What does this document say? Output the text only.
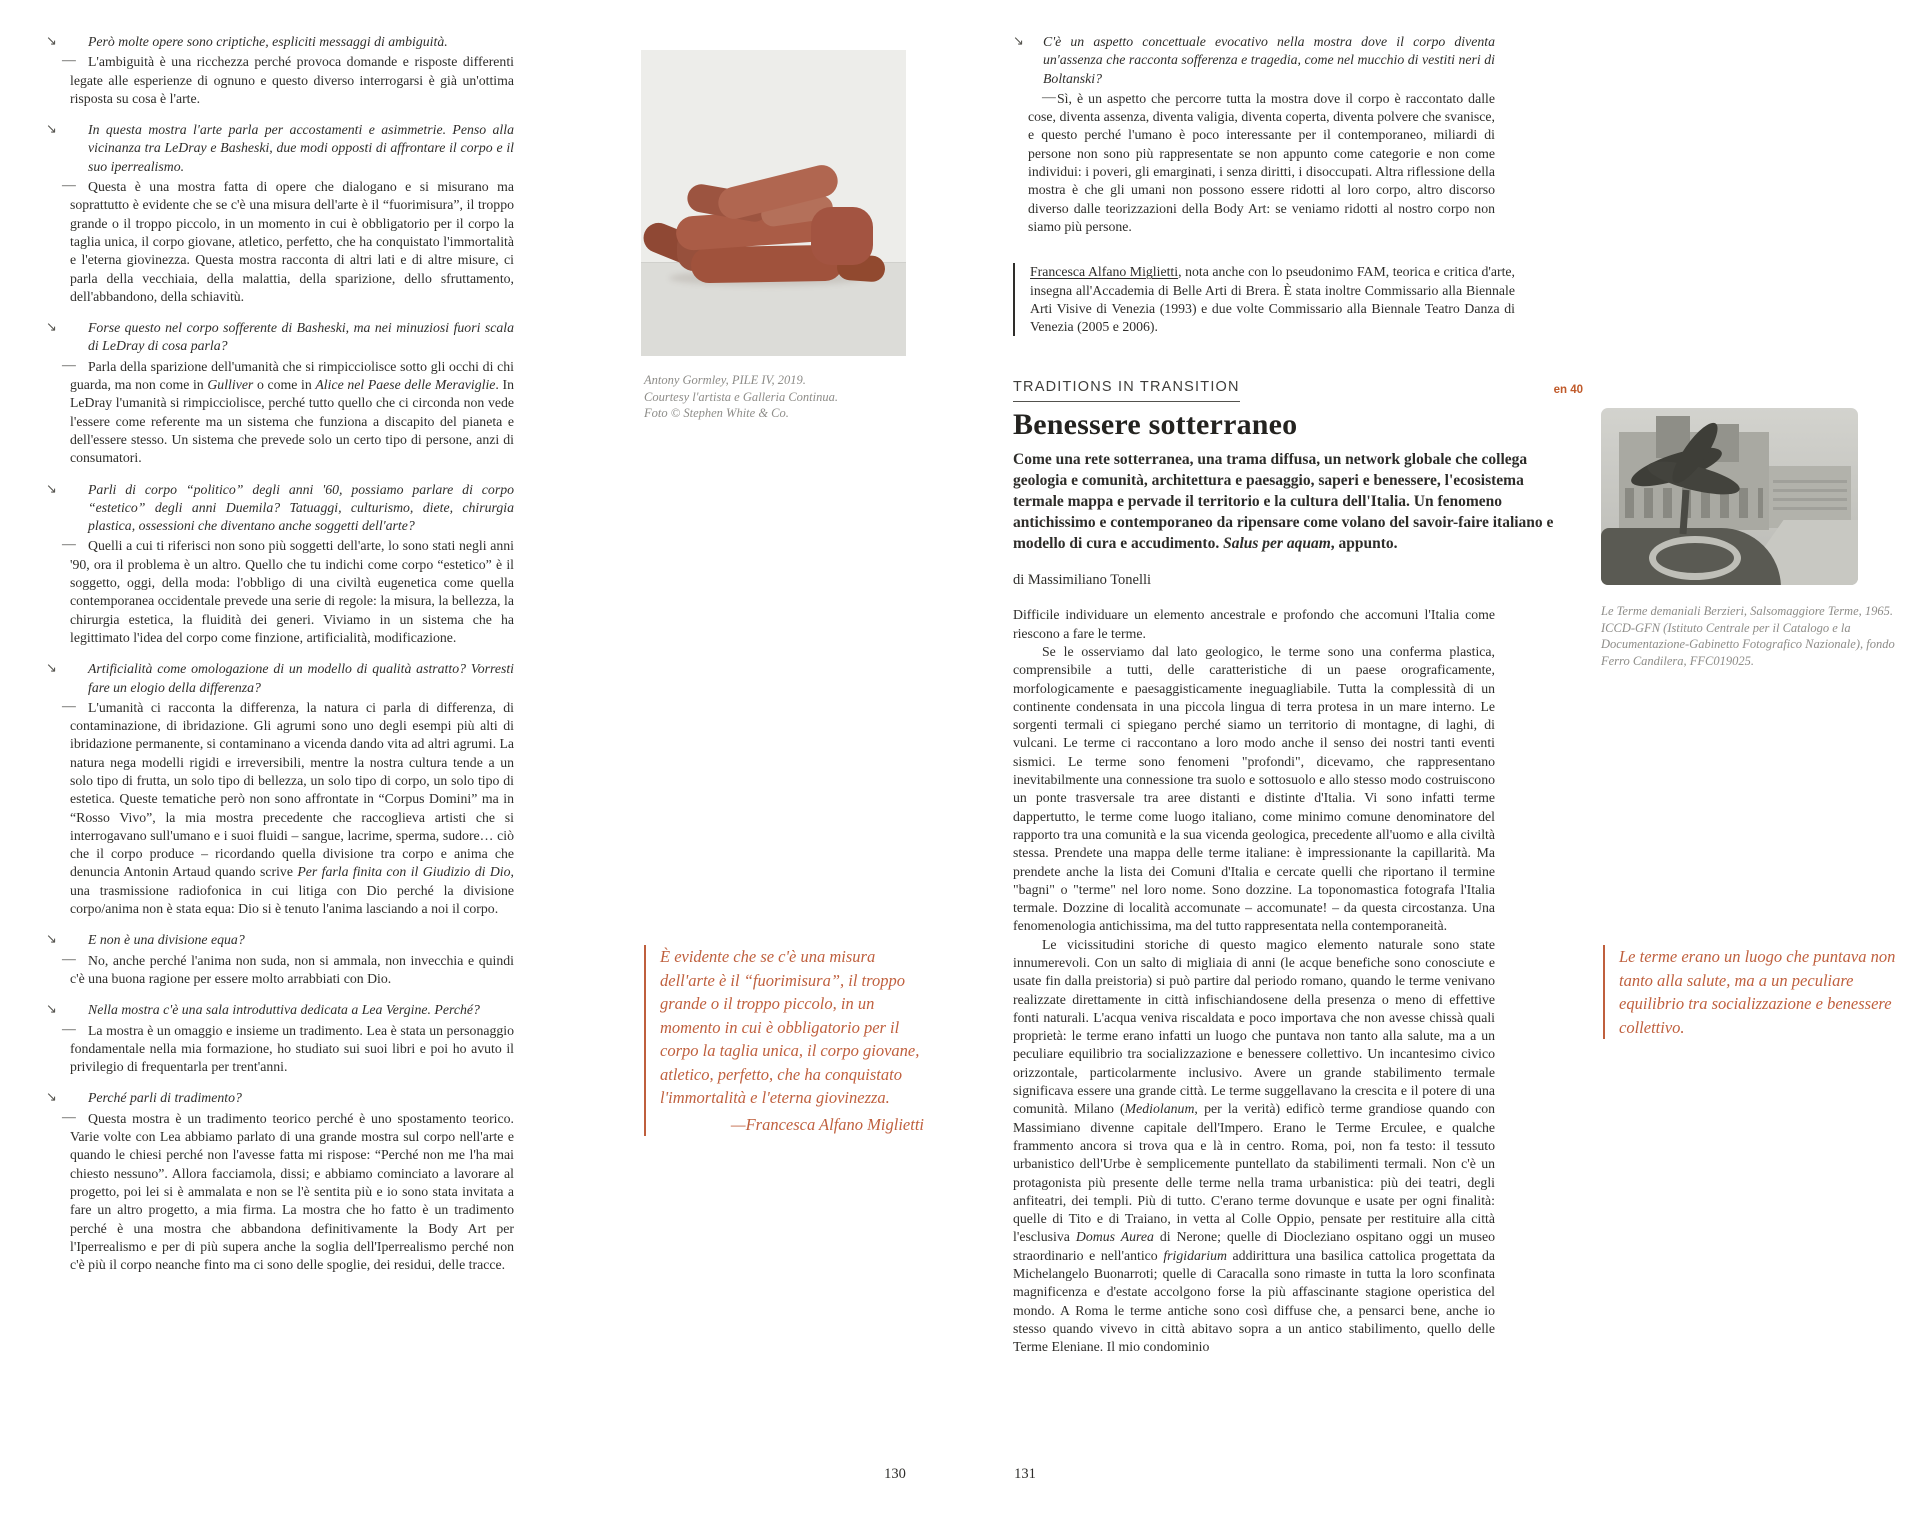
↘ Però molte opere sono criptiche, espliciti messaggi di ambiguità.
— L'ambiguità è una ricchezza perché provoca domande e risposte differenti legate alle esperienze di ognuno e questo diverso interrogarsi è già un'ottima risposta su cosa è l'arte.
↘ In questa mostra l'arte parla per accostamenti e asimmetrie. Penso alla vicinanza tra LeDray e Basheski, due modi opposti di affrontare il corpo e il suo iperrealismo.
— Questa è una mostra fatta di opere che dialogano e si misurano ma soprattutto è evidente che se c'è una misura dell'arte è il “fuorimisura”, il troppo grande o il troppo piccolo, in un momento in cui è obbligatorio per il corpo la taglia unica, il corpo giovane, atletico, perfetto, che ha conquistato l'immortalità e l'eterna giovinezza. Questa mostra racconta di altri lati e di altre misure, ci parla della vecchiaia, della malattia, della sparizione, dello sfruttamento, dell'abbandono, della schiavitù.
↘ Forse questo nel corpo sofferente di Basheski, ma nei minuziosi fuori scala di LeDray di cosa parla?
— Parla della sparizione dell'umanità che si rimpicciolisce sotto gli occhi di chi guarda, ma non come in Gulliver o come in Alice nel Paese delle Meraviglie. In LeDray l'umanità si rimpicciolisce, perché tutto quello che ci circonda non vede l'essere come referente ma un sistema che funziona a discapito del pianeta e dell'essere stesso. Un sistema che prevede solo un certo tipo di persone, anzi di consumatori.
↘ Parli di corpo “politico” degli anni '60, possiamo parlare di corpo “estetico” degli anni Duemila? Tatuaggi, culturismo, diete, chirurgia plastica, ossessioni che diventano anche soggetti dell'arte?
— Quelli a cui ti riferisci non sono più soggetti dell'arte, lo sono stati negli anni '90, ora il problema è un altro. Quello che tu indichi come corpo “estetico” è il soggetto, oggi, della moda: l'obbligo di una civiltà eugenetica come quella contemporanea occidentale prevede una serie di regole: la misura, la bellezza, la chirurgia estetica, la fluidità dei generi. Viviamo in un sistema che ha legittimato l'idea del corpo come finzione, artificialità, modificazione.
↘ Artificialità come omologazione di un modello di qualità astratto? Vorresti fare un elogio della differenza?
— L'umanità ci racconta la differenza, la natura ci parla di differenza, di contaminazione, di ibridazione. Gli agrumi sono uno degli esempi più alti di ibridazione permanente, si contaminano a vicenda dando vita ad altri agrumi. La natura nega modelli rigidi e irreversibili, mentre la nostra cultura tende a un solo tipo di frutta, un solo tipo di bellezza, un solo tipo di corpo, un solo tipo di estetica. Queste tematiche però non sono affrontate in “Corpus Domini” ma in “Rosso Vivo”, la mia mostra precedente che raccoglieva artisti che si interrogavano sull'umano e i suoi fluidi – sangue, lacrime, sperma, sudore… ciò che il corpo produce – ricordando quella divisione tra corpo e anima che denuncia Antonin Artaud quando scrive Per farla finita con il Giudizio di Dio, una trasmissione radiofonica in cui litiga con Dio perché la divisione corpo/anima non è stata equa: Dio si è tenuto l'anima lasciando a noi il corpo.
↘ E non è una divisione equa?
— No, anche perché l'anima non suda, non si ammala, non invecchia e quindi c'è una buona ragione per essere molto arrabbiati con Dio.
↘ Nella mostra c'è una sala introduttiva dedicata a Lea Vergine. Perché?
— La mostra è un omaggio e insieme un tradimento. Lea è stata un personaggio fondamentale nella mia formazione, ho studiato sui suoi libri e poi ho avuto il privilegio di frequentarla per trent'anni.
↘ Perché parli di tradimento?
— Questa mostra è un tradimento teorico perché è uno spostamento teorico. Varie volte con Lea abbiamo parlato di una grande mostra sul corpo nell'arte e quando le chiesi perché non l'avesse fatta mi rispose: “Perché non me l'ha mai chiesto nessuno”. Allora facciamola, dissi; e abbiamo cominciato a lavorare al progetto, poi lei si è ammalata e non se l'è sentita più e io sono stata invitata a fare un altro progetto, a mia firma. La mostra che ho fatto è un tradimento perché è una mostra che abbandona definitivamente la Body Art per l'Iperrealismo e per di più supera anche la soglia dell'Iperrealismo perché non c'è più il corpo neanche finto ma ci sono delle spoglie, dei residui, delle tracce.
Antony Gormley, PILE IV, 2019.
Courtesy l'artista e Galleria Continua.
Foto © Stephen White & Co.

È evidente che se c'è una misura dell'arte è il “fuorimisura”, il troppo grande o il troppo piccolo, in un momento in cui è obbligatorio per il corpo la taglia unica, il corpo giovane, atletico, perfetto, che ha conquistato l'immortalità e l'eterna giovinezza.

—Francesca Alfano Miglietti

130
↘ C'è un aspetto concettuale evocativo nella mostra dove il corpo diventa un'assenza che racconta sofferenza e tragedia, come nel mucchio di vestiti neri di Boltanski?
— Sì, è un aspetto che percorre tutta la mostra dove il corpo è raccontato dalle cose, diventa assenza, diventa valigia, diventa coperta, diventa polvere che svanisce, e questo perché l'umano è poco interessante per il contemporaneo, miliardi di persone non sono più rappresentate se non appunto come categorie e non come individui: i poveri, gli emarginati, i senza diritti, i disoccupati. Altra riflessione della mostra è che gli umani non possono essere ridotti al loro corpo, altro discorso diverso dalle teorizzazioni della Body Art: se veniamo ridotti al nostro corpo non siamo più persone.
Francesca Alfano Miglietti, nota anche con lo pseudonimo FAM, teorica e critica d'arte, insegna all'Accademia di Belle Arti di Brera. È stata inoltre Commissario alla Biennale Arti Visive di Venezia (1993) e due volte Commissario alla Biennale Teatro Danza di Venezia (2005 e 2006).
TRADITIONS IN TRANSITION	en 40
Benessere sotterraneo

Come una rete sotterranea, una trama diffusa, un network globale che collega geologia e comunità, architettura e paesaggio, saperi e benessere, l'ecosistema termale mappa e pervade il territorio e la cultura dell'Italia. Un fenomeno antichissimo e contemporaneo da ripensare come volano del savoir-faire italiano e modello di cura e accudimento. Salus per aquam, appunto.

di Massimiliano Tonelli

Difficile individuare un elemento ancestrale e profondo che accomuni l'Italia come riescono a fare le terme.

Se le osserviamo dal lato geologico, le terme sono una conferma plastica, comprensibile a tutti, delle caratteristiche di un paese orograficamente, morfologicamente e paesaggisticamente ineguagliabile. Tutta la complessità di un continente condensata in una piccola lingua di terra protesa in un mare interno. Le sorgenti termali ci spiegano perché siamo un territorio di montagne, di laghi, di vulcani. Le terme ci raccontano a loro modo anche il senso dei nostri tanti eventi sismici. Le terme sono fenomeni "profondi", dicevamo, che rappresentano inevitabilmente una connessione tra suolo e sottosuolo e allo stesso modo costruiscono un ponte trasversale tra aree distanti e distinte d'Italia. Vi sono infatti terme dappertutto, le terme come luogo italiano, come minimo comune denominatore del rapporto tra una comunità e la sua vicenda geologica, precedente all'uomo e alla civiltà stessa. Prendete una mappa delle terme italiane: è impressionante la capillarità. Ma prendete anche la lista dei Comuni d'Italia e cercate quelli che riportano il termine "bagni" o "terme" nel loro nome. Sono dozzine. La toponomastica fotografa l'Italia termale. Dozzine di località accomunate – accomunate! – da questa circostanza. Una fenomenologia antichissima, ma del tutto rappresentata nella contemporaneità.

Le vicissitudini storiche di questo magico elemento naturale sono state innumerevoli. Con un salto di migliaia di anni (le acque benefiche sono conosciute e usate fin dalla preistoria) si può partire dal periodo romano, quando le terme venivano realizzate direttamente in città infischiandosene della presenza o meno di effettive fonti naturali. L'acqua veniva riscaldata e poco importava che non avesse chissà quali proprietà: le terme erano infatti un luogo che puntava non tanto alla salute, ma a un peculiare equilibrio tra socializzazione e benessere collettivo. Un incantesimo civico orizzontale, particolarmente inclusivo. Avere un grande stabilimento termale significava essere una grande città. Le terme suggellavano la crescita e il potere di una comunità. Milano (Mediolanum, per la verità) edificò terme grandiose quando con Massimiano divenne capitale dell'Impero. Erano le Terme Erculee, e qualche frammento ancora si trova qua e là in centro. Roma, poi, non fa testo: il tessuto urbanistico dell'Urbe è semplicemente puntellato da stabilimenti termali. Non c'è un protagonista più presente delle terme nella trama urbanistica: più dei teatri, degli anfiteatri, dei templi. Più di tutto. C'erano terme dovunque e usate per ogni finalità: quelle di Tito e di Traiano, in vetta al Colle Oppio, pensate per restituire alla città l'esclusiva Domus Aurea di Nerone; quelle di Diocleziano ospitano oggi un museo straordinario e nell'antico frigidarium addirittura una basilica cattolica progettata da Michelangelo Buonarroti; quelle di Caracalla sono rimaste in tutta la loro sconfinata magnificenza e d'estate accolgono forse la più affascinante stagione operistica del mondo. A Roma le terme antiche sono così diffuse che, a pensarci bene, anche io stesso quando vivevo in città abitavo sopra a un antico stabilimento, quello delle Terme Eleniane. Il mio condominio

Le Terme demaniali Berzieri, Salsomaggiore Terme, 1965.
ICCD-GFN (Istituto Centrale per il Catalogo e la Documentazione-Gabinetto Fotografico Nazionale), fondo Ferro Candilera, FFC019025.

Le terme erano un luogo che puntava non tanto alla salute, ma a un peculiare equilibrio tra socializzazione e benessere collettivo.

131
